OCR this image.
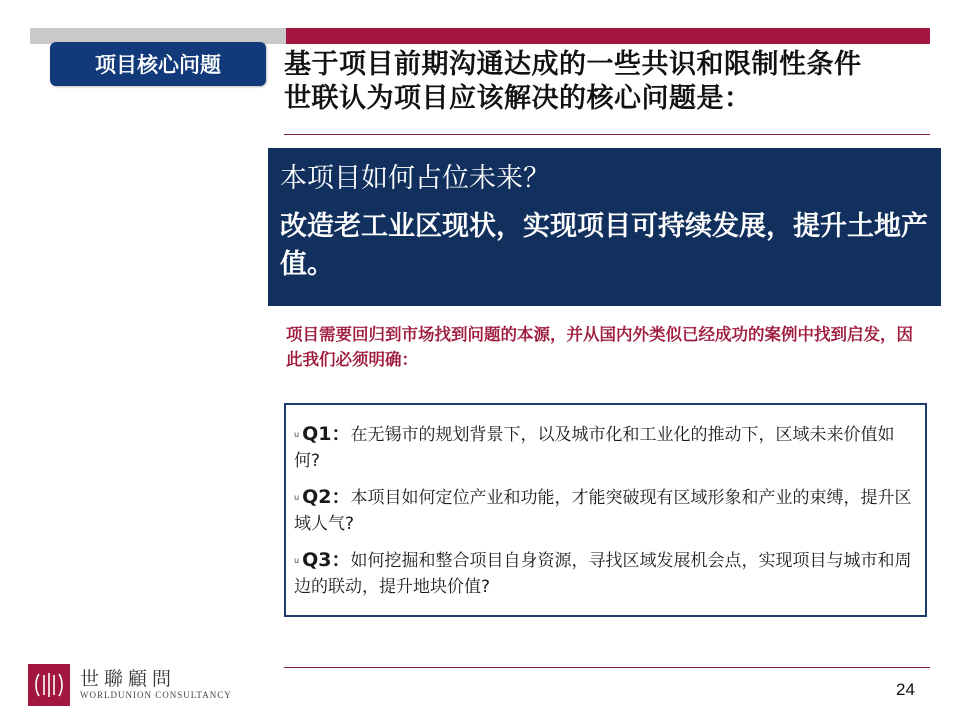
项目核心问题 基于项目前期沟通达成的一些共识和限制性条件
世联认为项目应该解决的核心问题是：
本项目如何占位未来？
改造老工业区现状，实现项目可持续发展，提升土地产值。
项目需要回归到市场找到问题的本源，并从国内外类似已经成功的案例中找到启发，因此我们必须明确：
u Q1：在无锡市的规划背景下，以及城市化和工业化的推动下，区域未来价值如何?
u Q2：本项目如何定位产业和功能，才能突破现有区域形象和产业的束缚，提升区域人气?
u Q3：如何挖掘和整合项目自身资源，寻找区域发展机会点，实现项目与城市和周边的联动，提升地块价值?
世聯顧問
WORLDUNION CONSULTANCY	24
